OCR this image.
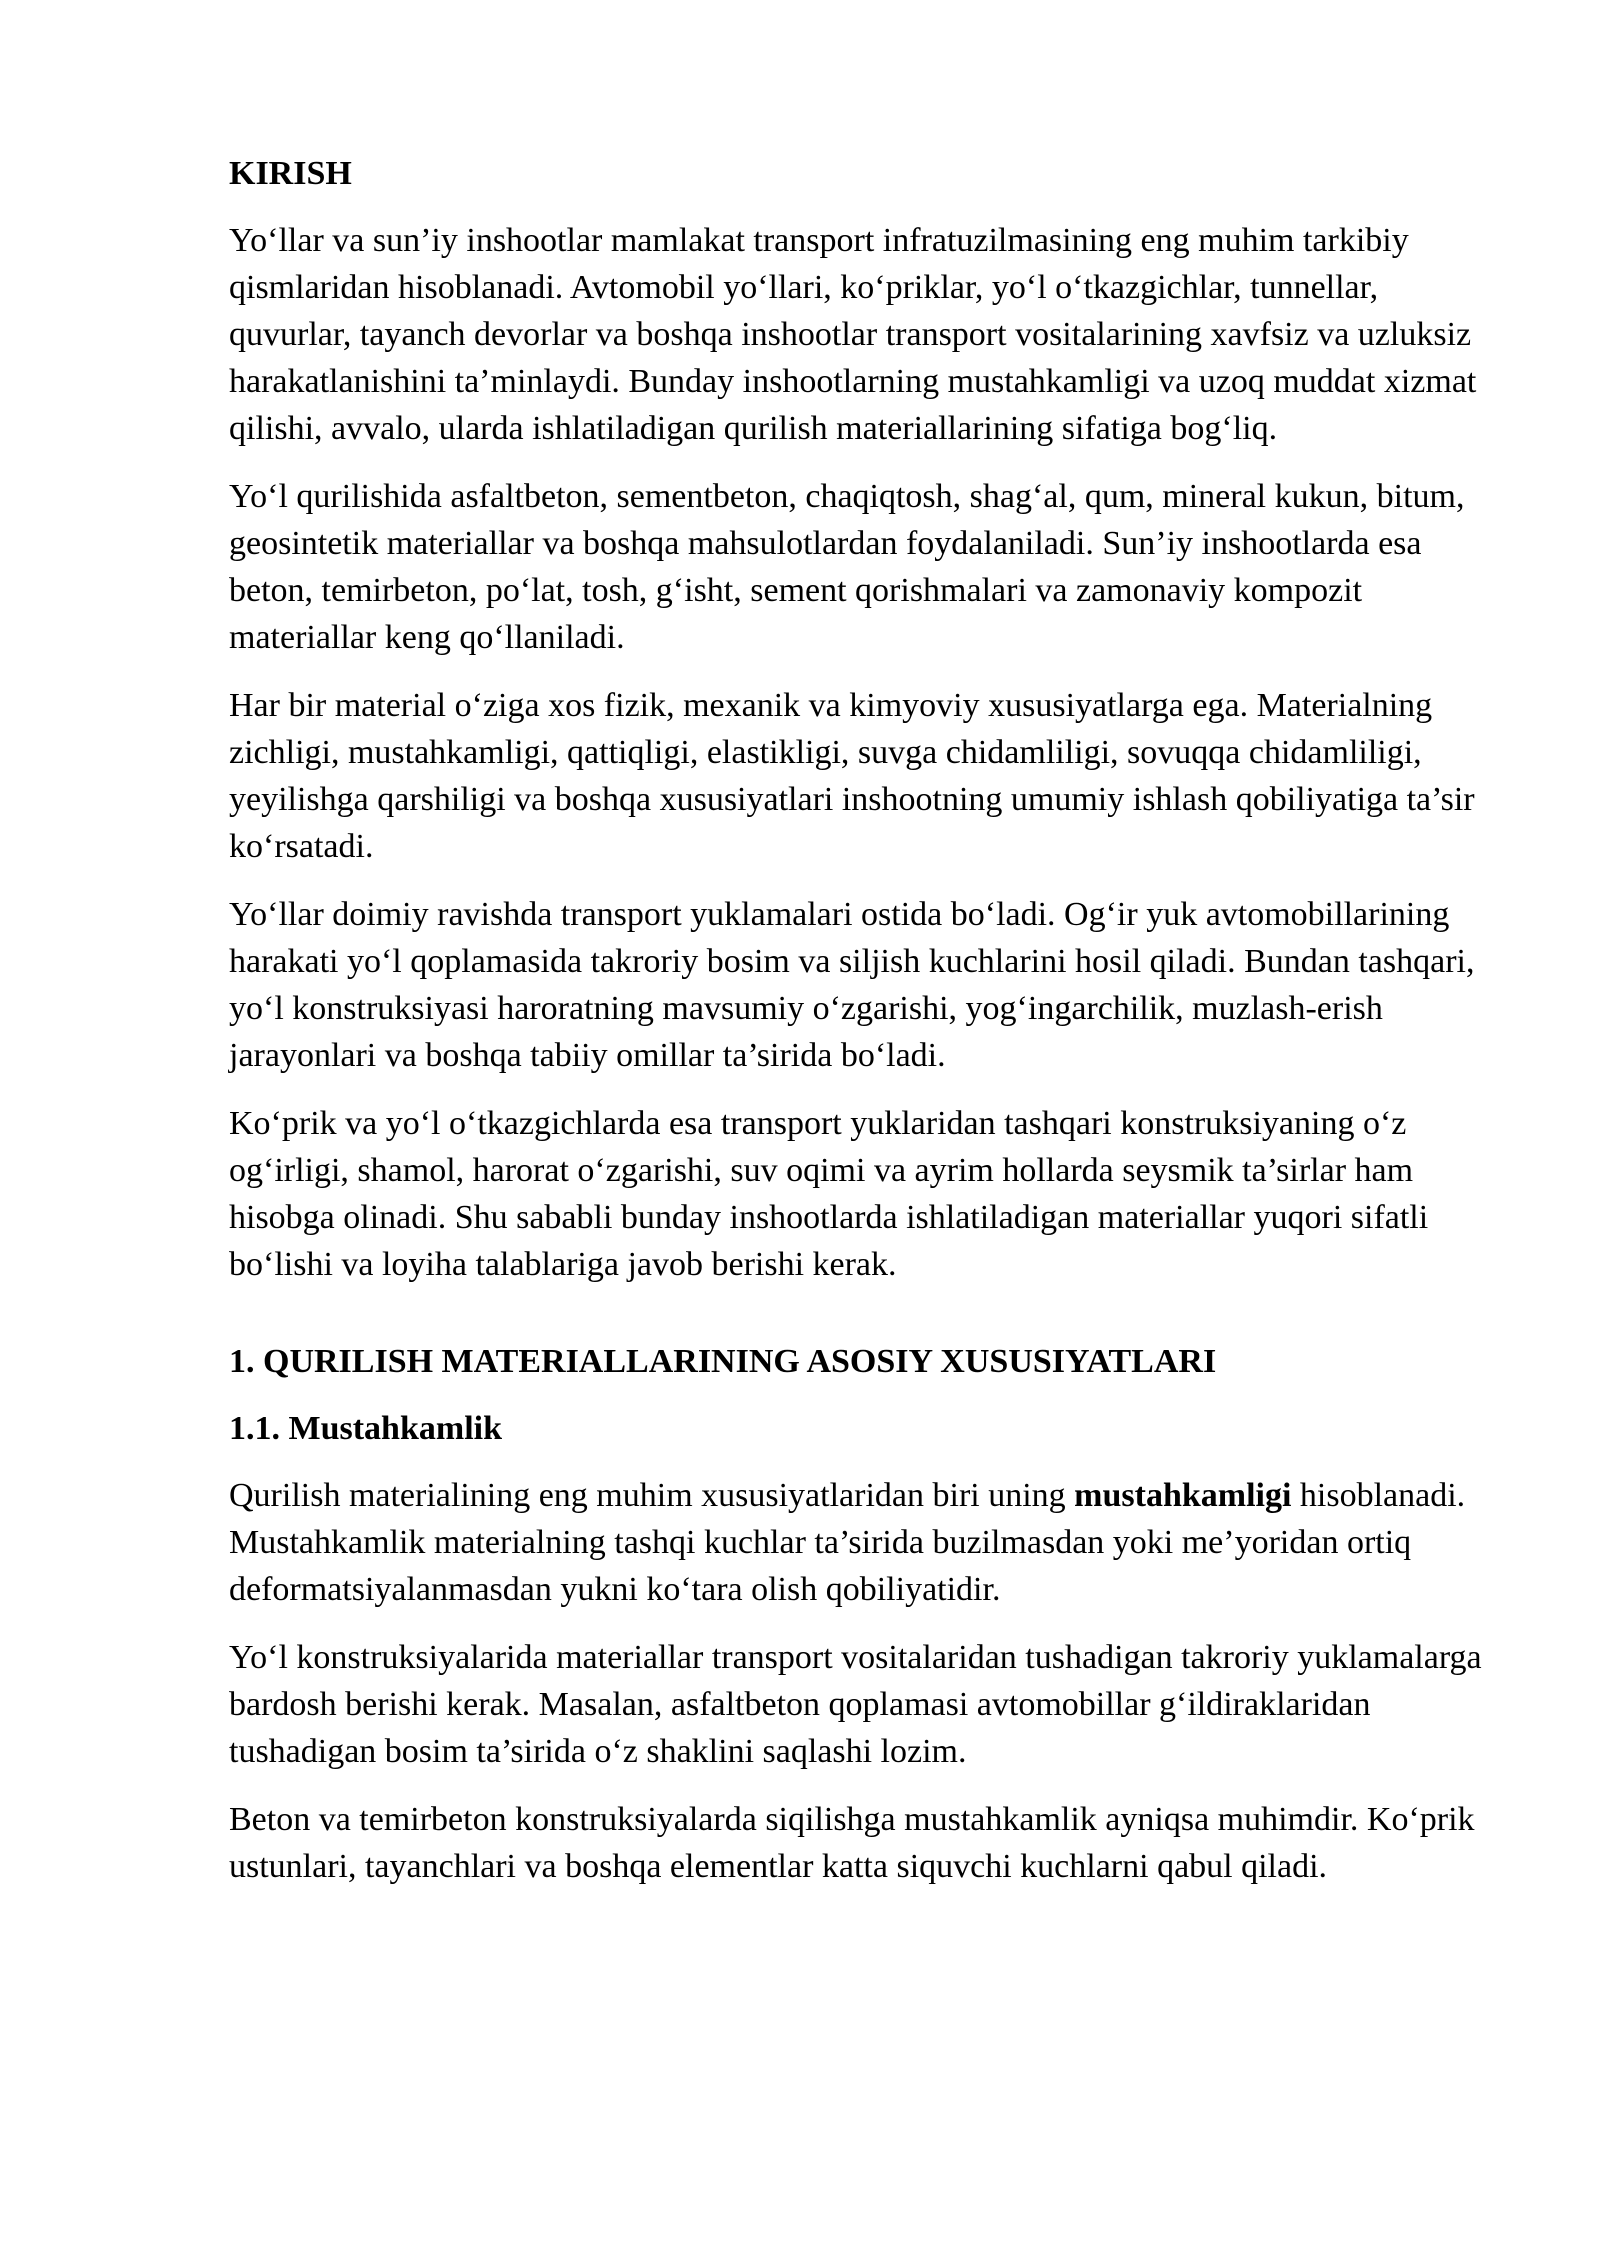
KIRISH

Yo‘llar va sun’iy inshootlar mamlakat transport infratuzilmasining eng muhim tarkibiy qismlaridan hisoblanadi. Avtomobil yo‘llari, ko‘priklar, yo‘l o‘tkazgichlar, tunnellar, quvurlar, tayanch devorlar va boshqa inshootlar transport vositalarining xavfsiz va uzluksiz harakatlanishini ta’minlaydi. Bunday inshootlarning mustahkamligi va uzoq muddat xizmat qilishi, avvalo, ularda ishlatiladigan qurilish materiallarining sifatiga bog‘liq.

Yo‘l qurilishida asfaltbeton, sementbeton, chaqiqtosh, shag‘al, qum, mineral kukun, bitum, geosintetik materiallar va boshqa mahsulotlardan foydalaniladi. Sun’iy inshootlarda esa beton, temirbeton, po‘lat, tosh, g‘isht, sement qorishmalari va zamonaviy kompozit materiallar keng qo‘llaniladi.

Har bir material o‘ziga xos fizik, mexanik va kimyoviy xususiyatlarga ega. Materialning zichligi, mustahkamligi, qattiqligi, elastikligi, suvga chidamliligi, sovuqqa chidamliligi, yeyilishga qarshiligi va boshqa xususiyatlari inshootning umumiy ishlash qobiliyatiga ta’sir ko‘rsatadi.

Yo‘llar doimiy ravishda transport yuklamalari ostida bo‘ladi. Og‘ir yuk avtomobillarining harakati yo‘l qoplamasida takroriy bosim va siljish kuchlarini hosil qiladi. Bundan tashqari, yo‘l konstruksiyasi haroratning mavsumiy o‘zgarishi, yog‘ingarchilik, muzlash-erish jarayonlari va boshqa tabiiy omillar ta’sirida bo‘ladi.

Ko‘prik va yo‘l o‘tkazgichlarda esa transport yuklaridan tashqari konstruksiyaning o‘z og‘irligi, shamol, harorat o‘zgarishi, suv oqimi va ayrim hollarda seysmik ta’sirlar ham hisobga olinadi. Shu sababli bunday inshootlarda ishlatiladigan materiallar yuqori sifatli bo‘lishi va loyiha talablariga javob berishi kerak.

1. QURILISH MATERIALLARINING ASOSIY XUSUSIYATLARI
1.1. Mustahkamlik

Qurilish materialining eng muhim xususiyatlaridan biri uning mustahkamligi hisoblanadi. Mustahkamlik materialning tashqi kuchlar ta’sirida buzilmasdan yoki me’yoridan ortiq deformatsiyalanmasdan yukni ko‘tara olish qobiliyatidir.

Yo‘l konstruksiyalarida materiallar transport vositalaridan tushadigan takroriy yuklamalarga bardosh berishi kerak. Masalan, asfaltbeton qoplamasi avtomobillar g‘ildiraklaridan tushadigan bosim ta’sirida o‘z shaklini saqlashi lozim.

Beton va temirbeton konstruksiyalarda siqilishga mustahkamlik ayniqsa muhimdir. Ko‘prik ustunlari, tayanchlari va boshqa elementlar katta siquvchi kuchlarni qabul qiladi.
